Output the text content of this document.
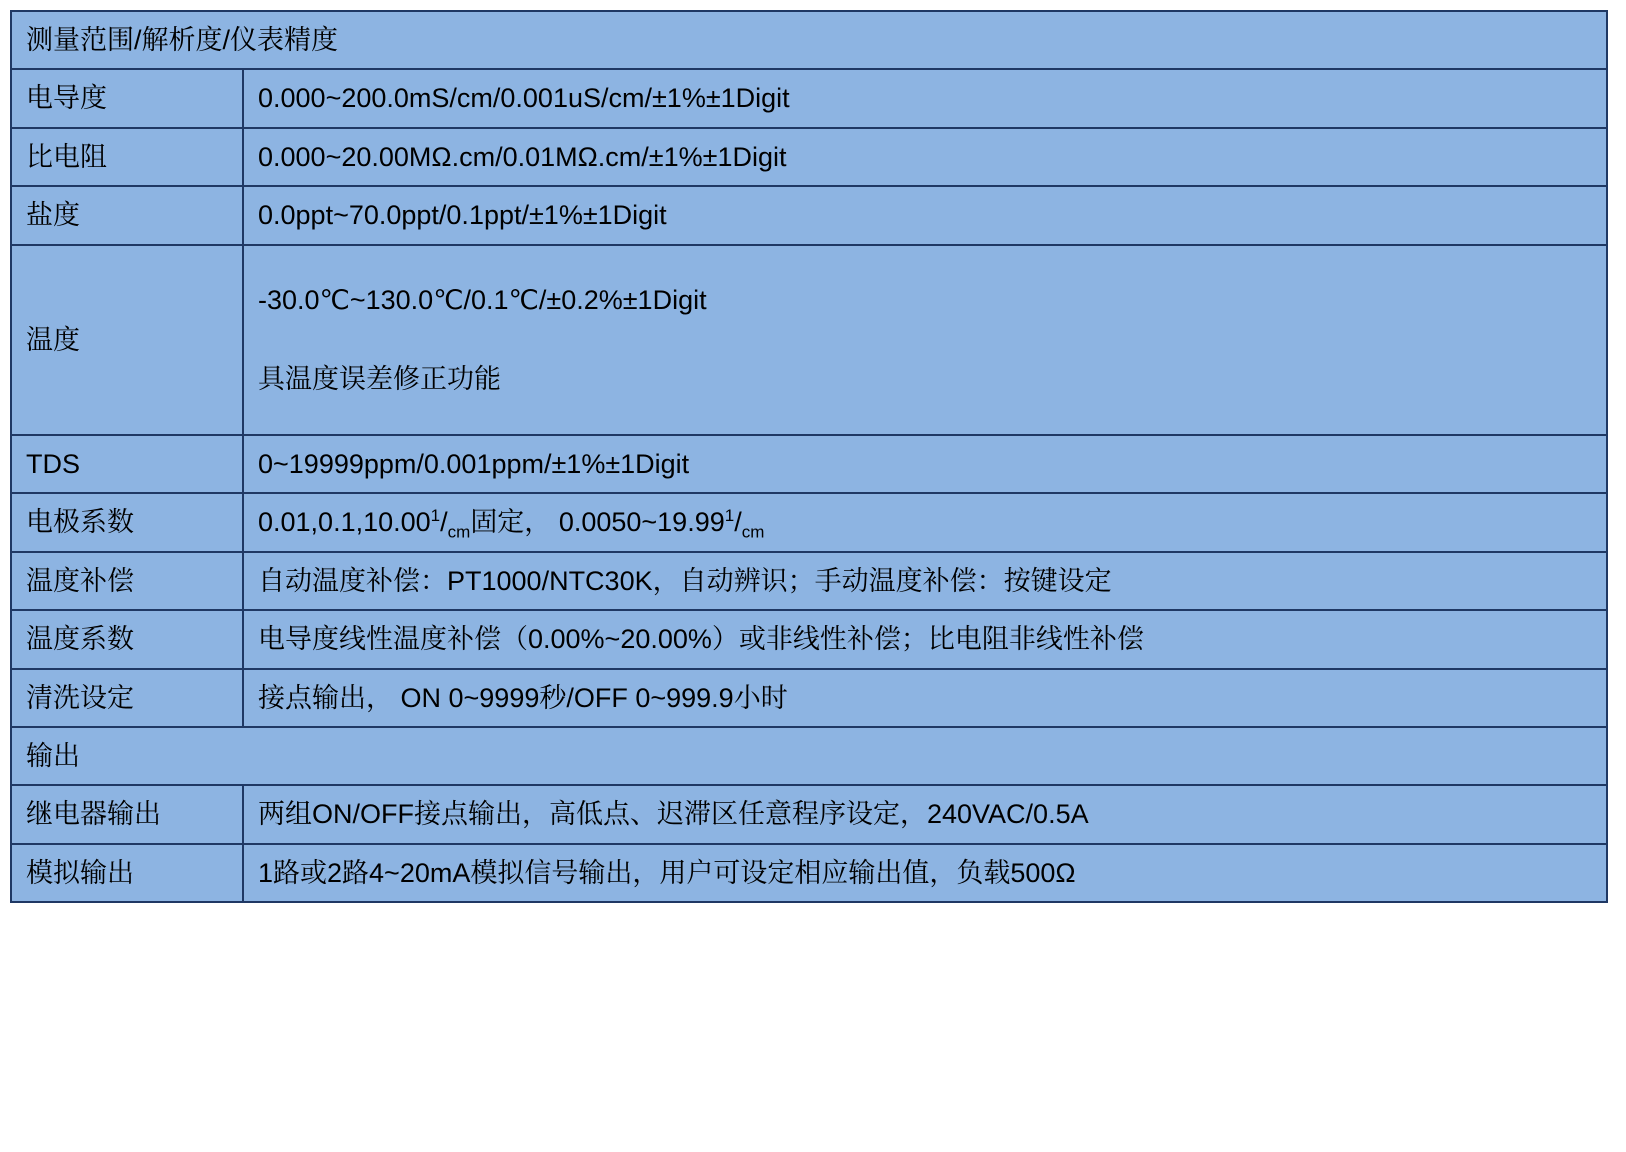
测量范围/解析度/仪表精度	
电导度	0.000~200.0mS/cm/0.001uS/cm/±1%±1Digit
比电阻	0.000~20.00MΩ.cm/0.01MΩ.cm/±1%±1Digit
盐度	0.0ppt~70.0ppt/0.1ppt/±1%±1Digit
温度	-30.0℃~130.0℃/0.1℃/±0.2%±1Digit
具温度误差修正功能

TDS	0~19999ppm/0.001ppm/±1%±1Digit
电极系数	$0.01,0.1,10.00^1/_{cm}$固定， $0.0050\sim 19.99^1/_{cm}$
温度补偿	自动温度补偿：PT1000/NTC30K，自动辨识；手动温度补偿：按键设定
温度系数	电导度线性温度补偿（0.00%~20.00%）或非线性补偿；比电阻非线性补偿
清洗设定	接点输出， ON 0~9999秒/OFF 0~999.9小时
输出	
继电器输出	两组ON/OFF接点输出，高低点、迟滞区任意程序设定，240VAC/0.5A
模拟输出	1路或2路4~20mA模拟信号输出，用户可设定相应输出值，负载500Ω
